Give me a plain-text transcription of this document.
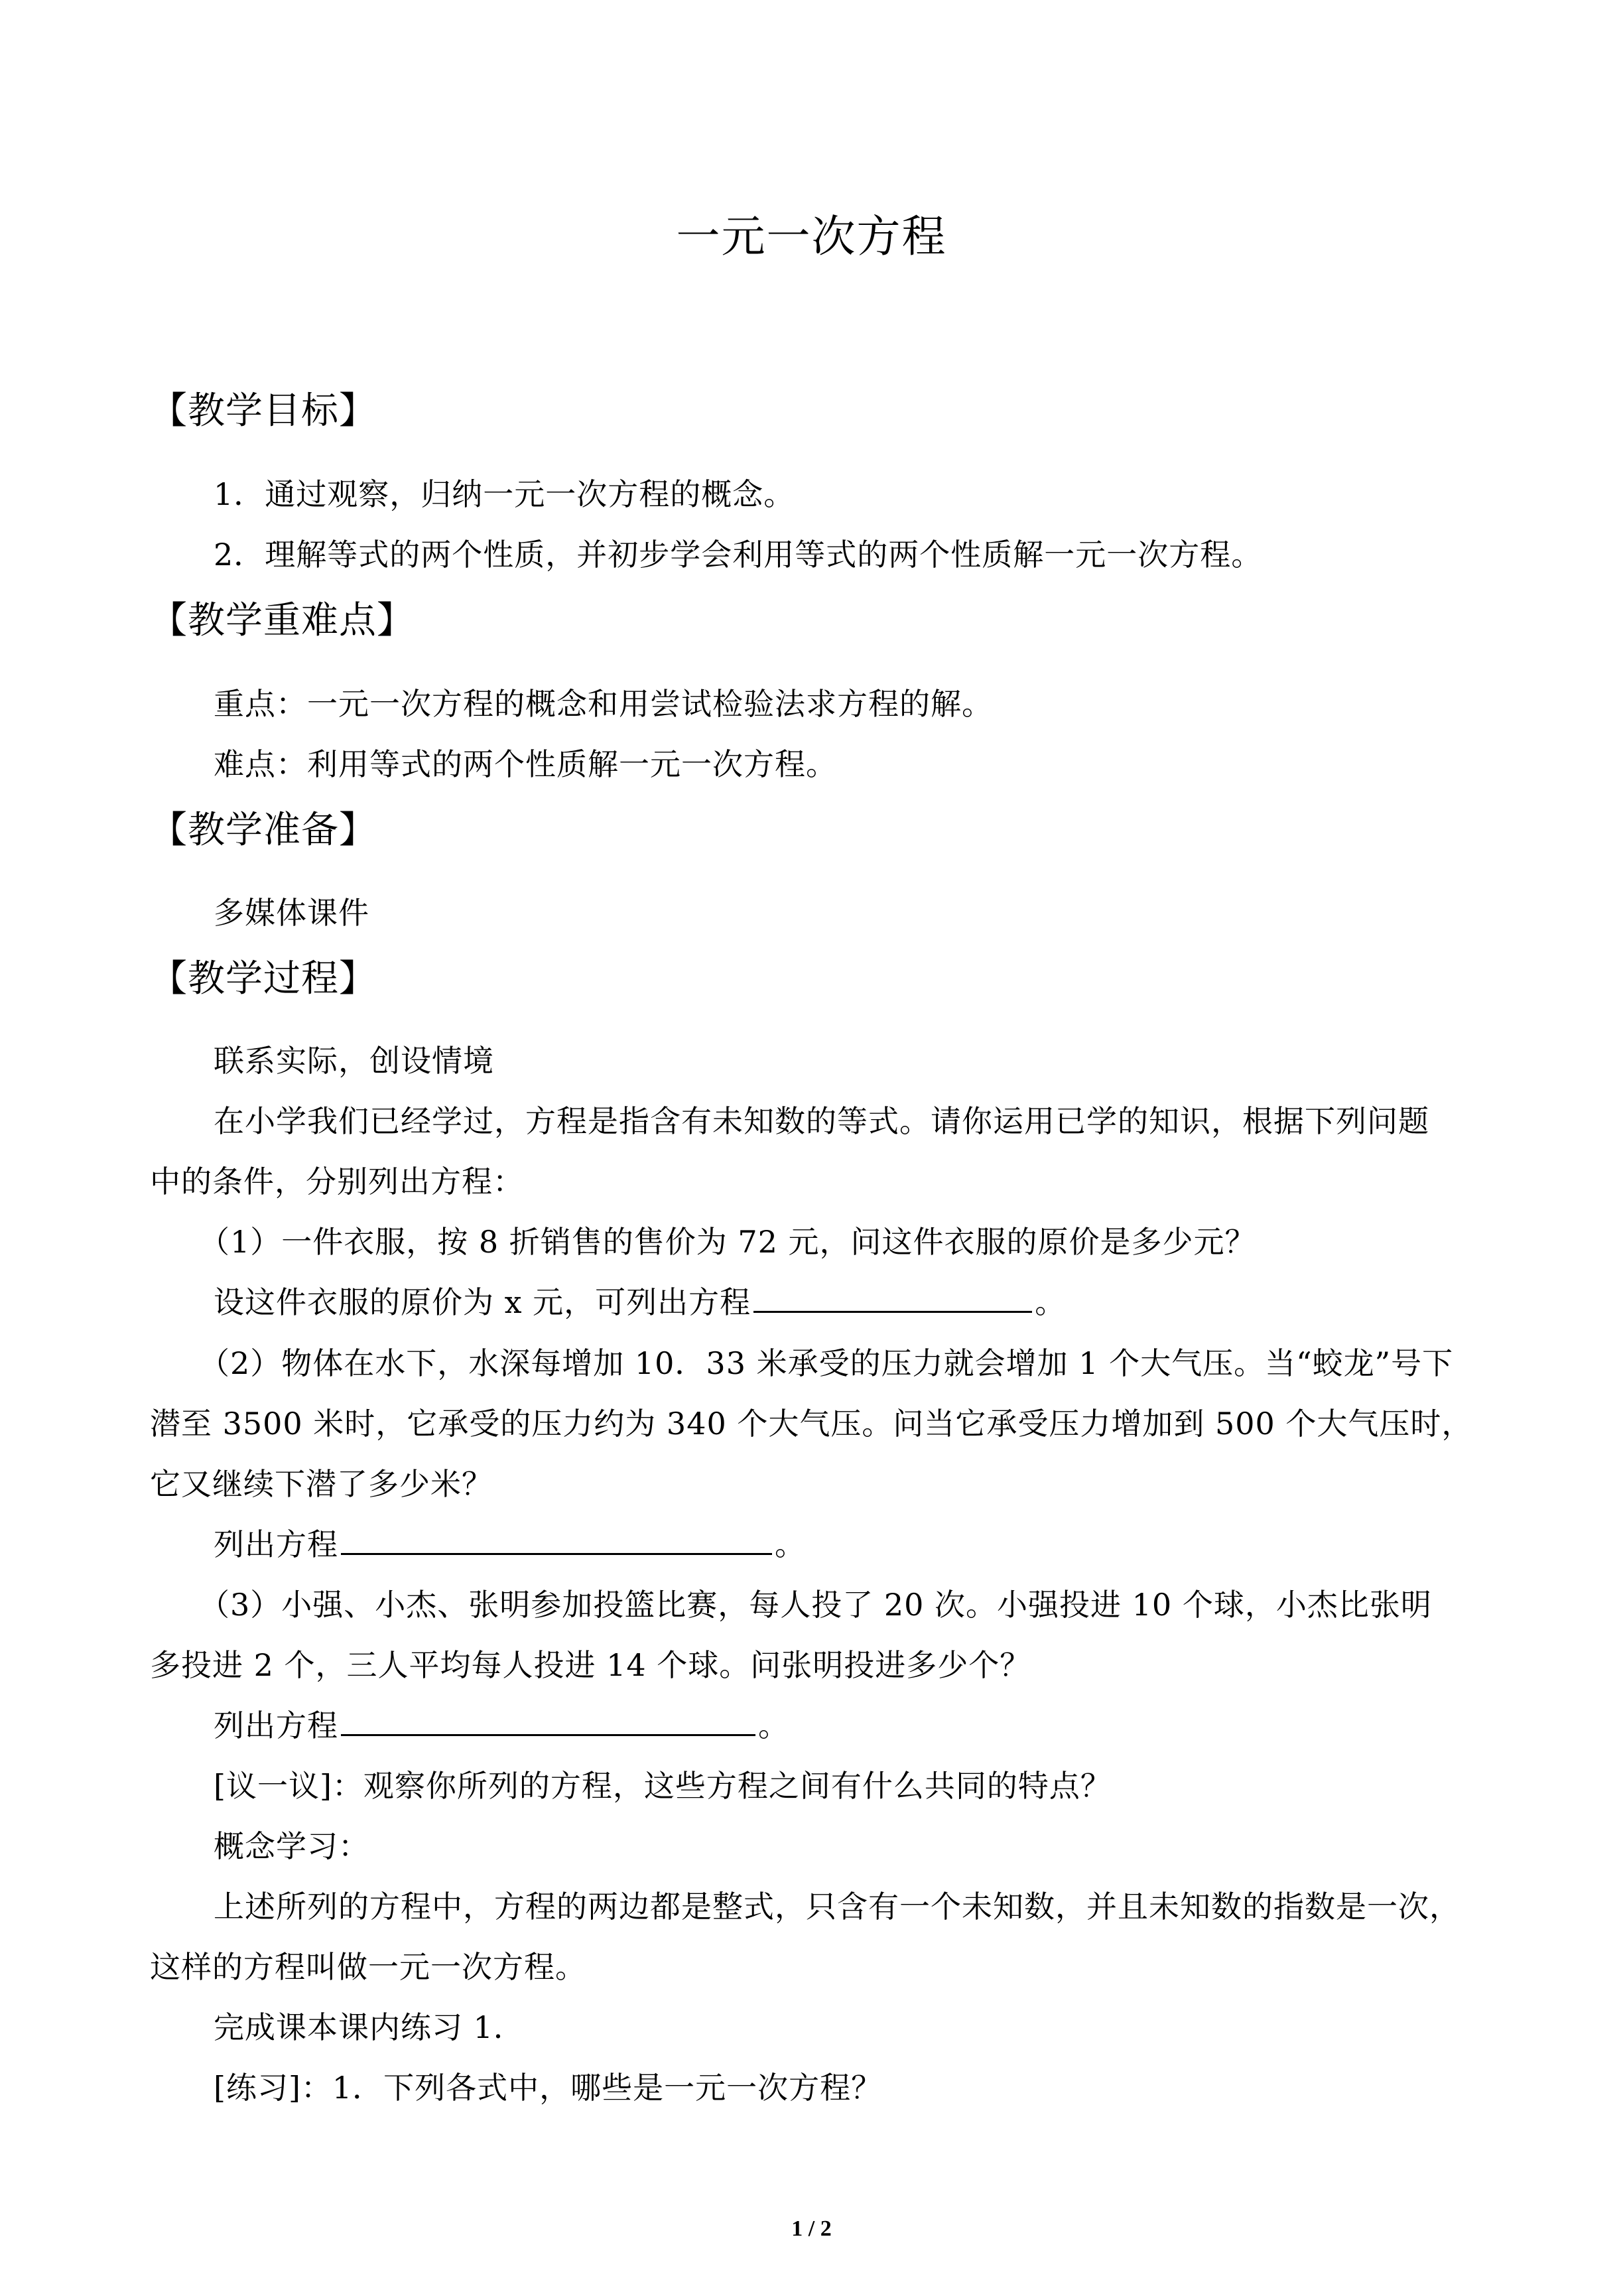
一元一次方程
【教学目标】
1．通过观察，归纳一元一次方程的概念。
2．理解等式的两个性质，并初步学会利用等式的两个性质解一元一次方程。
【教学重难点】
重点：一元一次方程的概念和用尝试检验法求方程的解。
难点：利用等式的两个性质解一元一次方程。
【教学准备】
多媒体课件
【教学过程】
联系实际，创设情境
在小学我们已经学过，方程是指含有未知数的等式。请你运用已学的知识，根据下列问题
中的条件，分别列出方程：
（1）一件衣服，按 8 折销售的售价为 72 元，问这件衣服的原价是多少元？
设这件衣服的原价为 x 元，可列出方程	。
（2）物体在水下，水深每增加 10．33 米承受的压力就会增加 1 个大气压。当“蛟龙”号下
潜至 3500 米时，它承受的压力约为 340 个大气压。问当它承受压力增加到 500 个大气压时，
它又继续下潜了多少米？
列出方程	。
（3）小强、小杰、张明参加投篮比赛，每人投了 20 次。小强投进 10 个球，小杰比张明
多投进 2 个，三人平均每人投进 14 个球。问张明投进多少个？
列出方程	。
[议一议]：观察你所列的方程，这些方程之间有什么共同的特点？
概念学习：
上述所列的方程中，方程的两边都是整式，只含有一个未知数，并且未知数的指数是一次，
这样的方程叫做一元一次方程。
完成课本课内练习 1．
[练习]：1．下列各式中，哪些是一元一次方程？
1 / 2
